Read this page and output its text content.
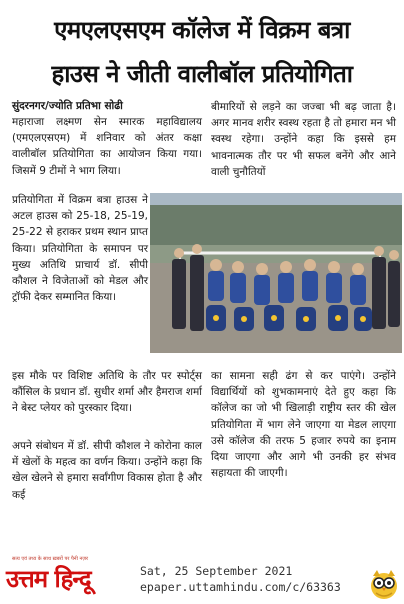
एमएलएसएम कॉलेज में विक्रम बत्रा
हाउस ने जीती वालीबॉल प्रतियोगिता
सुंदरनगर/ज्योति प्रतिभा सोढी

महाराजा लक्ष्मण सेन स्मारक महाविद्यालय (एमएलएसएम) में शनिवार को अंतर कक्षा वालीबॉल प्रतियोगिता का आयोजन किया गया। जिसमें 9 टीमों ने भाग लिया।

प्रतियोगिता में विक्रम बत्रा हाउस ने अटल हाउस को 25-18, 25-19, 25-22 से हराकर प्रथम स्थान प्राप्त किया। प्रतियोगिता के समापन पर मुख्य अतिथि प्राचार्य डॉ. सीपी कौशल ने विजेताओं को मेडल और ट्रॉफी देकर सम्मानित किया।

इस मौके पर विशिष्ट अतिथि के तौर पर स्पोर्ट्स कौंसिल के प्रधान डॉ. सुधीर शर्मा और हैमराज शर्मा ने बेस्ट प्लेयर को पुरस्कार दिया।

अपने संबोधन में डॉ. सीपी कौशल ने कोरोना काल में खेलों के महत्व का वर्णन किया। उन्होंने कहा कि खेल खेलने से हमारा सर्वांगीण विकास होता है और कई

बीमारियों से लड़ने का जज्बा भी बढ़ जाता है। अगर मानव शरीर स्वस्थ रहता है तो हमारा मन भी स्वस्थ रहेगा। उन्होंने कहा कि इससे हम भावनात्मक तौर पर भी सफल बनेंगे और आने वाली चुनौतियों

का सामना सही ढंग से कर पाएंगे। उन्होंने विद्यार्थियों को शुभकामनाएं देते हुए कहा कि कॉलेज का जो भी खिलाड़ी राष्ट्रीय स्तर की खेल प्रतियोगिता में भाग लेने जाएगा या मेडल लाएगा उसे कॉलेज की तरफ 5 हजार रुपये का इनाम दिया जाएगा और आगे भी उनकी हर संभव सहायता की जाएगी।

सत्य एवं तथ्य के साथ ख़बरों पर पैनी नज़र
उत्तम हिन्दू	Sat, 25 September 2021
epaper.uttamhindu.com/c/63363
